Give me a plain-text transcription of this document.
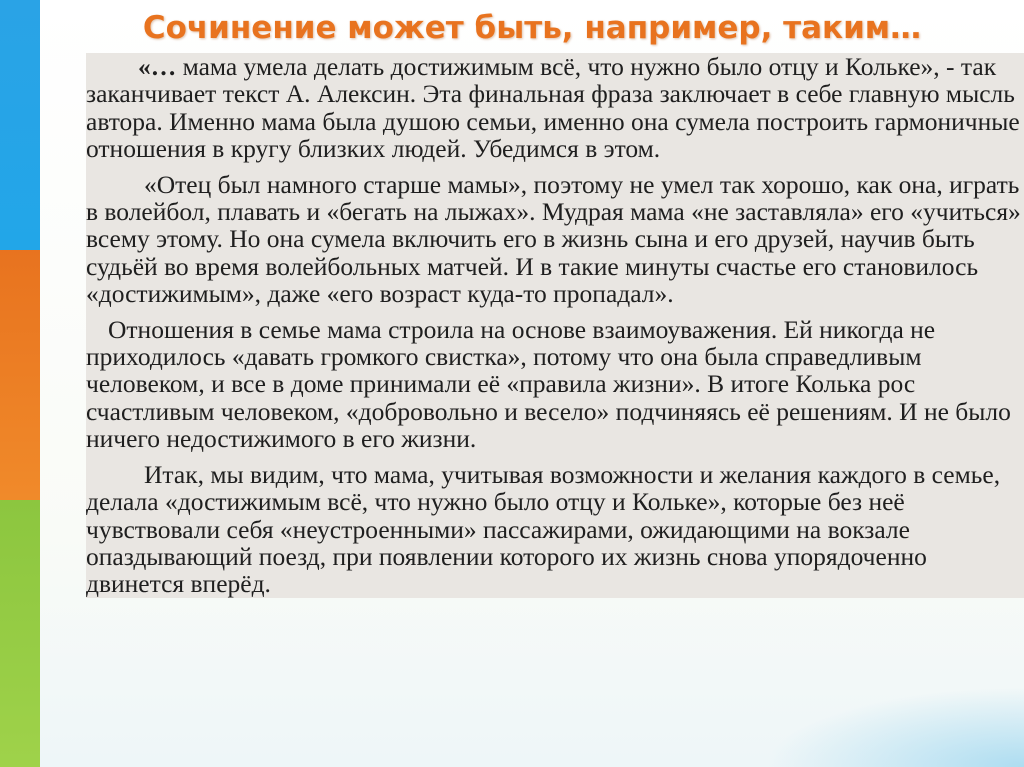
Сочинение может быть, например, таким…

«… мама умела делать достижимым всё, что нужно было отцу и Кольке», - так заканчивает текст А. Алексин. Эта финальная фраза заключает в себе главную мысль автора. Именно мама была душою семьи, именно она сумела построить гармоничные отношения в кругу близких людей. Убедимся в этом.

«Отец был намного старше мамы», поэтому не умел так хорошо, как она, играть в волейбол, плавать и «бегать на лыжах». Мудрая мама «не заставляла» его «учиться» всему этому. Но она сумела включить его в жизнь сына и его друзей, научив быть судьёй во время волейбольных матчей. И в такие минуты счастье его становилось «достижимым», даже «его возраст куда-то пропадал».

Отношения в семье мама строила на основе взаимоуважения. Ей никогда не приходилось «давать громкого свистка», потому что она была справедливым человеком, и все в доме принимали её «правила жизни». В итоге Колька рос счастливым человеком, «добровольно и весело» подчиняясь её решениям. И не было ничего недостижимого в его жизни.

Итак, мы видим, что мама, учитывая возможности и желания каждого в семье, делала «достижимым всё, что нужно было отцу и Кольке», которые без неё чувствовали себя «неустроенными» пассажирами, ожидающими на вокзале опаздывающий поезд, при появлении которого их жизнь снова упорядоченно двинется вперёд.
